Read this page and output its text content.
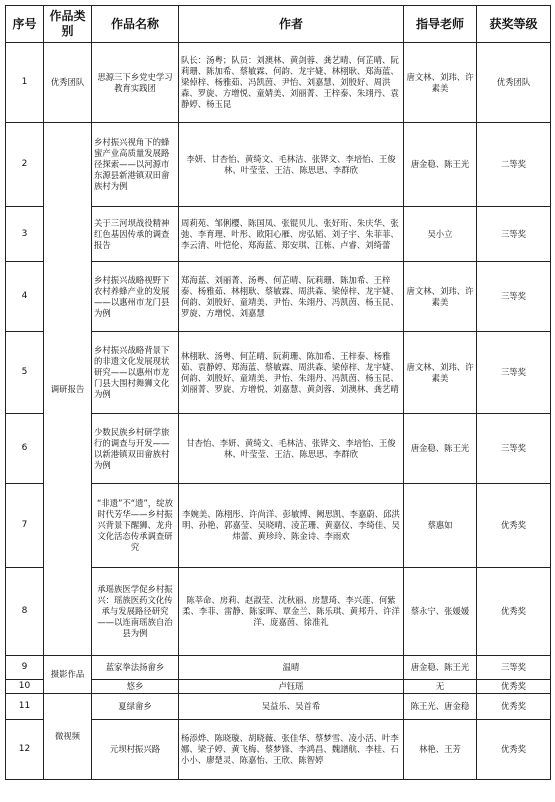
序号	作品类别	作品名称	作者	指导老师	获奖等级
1	优秀团队	思源三下乡党史学习教育实践团	队长：汤粤；队员：刘澳林、黄剑蓉、龚艺晴、何芷晴、阮莉珊、陈加希、蔡敏霖、何韵、龙宇婕、林栩耿、郑海蓝、梁倬梓、杨雅茹、冯凯茵、尹怡、刘嘉慧、刘殷好、周洪森、罗旋、方增悦、童婧美、刘丽菁、王梓泰、朱翊丹、袁静婷、杨玉昆	唐文林、刘玮、许素美	优秀团队
2	调研报告	乡村振兴视角下的蜂蜜产业高质量发展路径探索——以河源市东源县新港镇双田畲族村为例	李妍、甘杏怡、黄绮文、毛林洁、张铧文、李培怡、王俊林、叶莹莹、王洁、陈思思、李群欣	唐金稳、陈王光	二等奖
3		关于三河坝战役精神红色基因传承的调查报告	周莉苑、邹俐樱、陈国凤、张锟贝儿、张好珩、朱庆华、张弛、李育理、叶彤、欧阳心雁、房弘韬、刘子宇、朱菲菲、李云清、叶恺伦、郑海蓝、郑安琪、江栋、卢睿、刘绮蕾	吴小立	三等奖
4		乡村振兴战略视野下农村养蜂产业的发展——以惠州市龙门县为例	郑海蓝、刘丽菁、汤粤、何芷晴、阮莉珊、陈加希、王梓泰、杨雅茹、林栩耿、蔡敏霖、周洪森、梁倬梓、龙宇婕、何韵、刘殷好、童靖美、尹怡、朱翊丹、冯凯茵、杨玉昆、罗旋、方增悦、刘嘉慧	唐文林、刘玮、许素美	三等奖
5		乡村振兴战略背景下的非遗文化发展现状研究——以惠州市龙门县大围村舞狮文化为例	林栩耿、汤粤、何芷晴、阮莉珊、陈加希、王梓泰、杨雅茹、袁静婷、郑海蓝、蔡敏霖、周洪森、梁倬梓、龙宇婕、何韵、刘殷好、童靖美、尹怡、朱翊丹、冯凯茵、杨玉昆、刘丽菁、罗旋、方增悦、刘嘉慧、黄剑蓉、刘澳林、龚艺晴	唐文林、刘玮、许素美	三等奖
6		少数民族乡村研学旅行的调查与开发——以新港镇双田畲族村为例	甘杏怡、李妍、黄绮文、毛林洁、张铧文、李培怡、王俊林、叶莹莹、王洁、陈思思、李群欣	唐金稳、陈王光	三等奖
7		“非遗”不“遗”，绽放时代芳华——乡村振兴背景下醒狮、龙舟文化活态传承调查研究	李婉美、陈栩彤、许尚洋、彭敏博、阙思凯、李嘉蔚、邱洪明、孙艳、郭嘉莹、吴晓晴、凌芷珊、黄嘉仪、李绮佳、吴炜蕾、黄珍玲、陈金诗、李雨欢	蔡惠如	优秀奖
8		承瑶族医学促乡村振兴：瑶族医药文化传承与发展路径研究——以连南瑶族自治县为例	陈莘命、房莉、赵淑莹、沈秋丽、房慧琦、李兴莲、何紫柔、李菲、雷静、陈家晖、覃金兰、陈乐琪、黄邦升、许洋洋、庞嘉茵、徐准礼	蔡永宁、张媛媛	优秀奖
9	摄影作品	蓝家拳法扬畲乡	温晴	唐金稳、陈王光	三等奖
10		悠乡	卢钰瑶	无	优秀奖
11	微视频	夏绿畲乡	吴益乐、吴首希	陈王光、唐金稳	优秀奖
12		元坝村振兴路	杨添烨、陈晓璇、胡晓薇、张佳华、蔡梦雪、凌小活、叶李娜、梁子婷、黄飞梅、蔡梦锋、李鸿昌、魏譜航、李桂、石小小、廖楚灵、陈嘉怡、王欣、陈智婷	林艳、王芳	优秀奖
